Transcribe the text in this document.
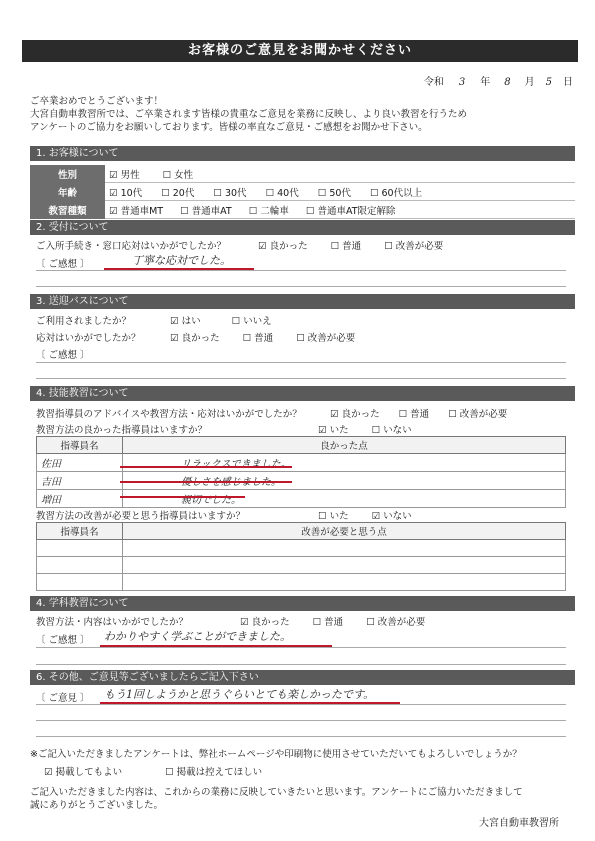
お客様のご意見をお聞かせください
令和 3 年 8 月 5 日
ご卒業おめでとうございます！
大宮自動車教習所では、ご卒業されます皆様の貴重なご意見を業務に反映し、より良い教習を行うため
アンケートのご協力をお願いしております。皆様の率直なご意見・ご感想をお聞かせ下さい。
1. お客様について
性別	☑ 男性 ☐ 女性
年齢	☑ 10代 ☐ 20代 ☐ 30代 ☐ 40代 ☐ 50代 ☐ 60代以上
教習種類	☑ 普通車MT ☐ 普通車AT ☐ 二輪車 ☐ 普通車AT限定解除
2. 受付について
ご入所手続き・窓口応対はいかがでしたか？	☑ 良かった ☐ 普通 ☐ 改善が必要
〔 ご感想 〕	丁寧な応対でした。
3. 送迎バスについて
ご利用されましたか？	☑ はい	☐ いいえ
応対はいかがでしたか？	☑ 良かった ☐ 普通 ☐ 改善が必要
〔 ご感想 〕
4. 技能教習について
教習指導員のアドバイスや教習方法・応対はいかがでしたか？	☑ 良かった ☐ 普通 ☐ 改善が必要
教習方法の良かった指導員はいますか？	☑ いた ☐ いない
指導員名	良かった点
佐田	リラックスできました。
吉田	優しさを感じました。
増田	親切でした。
教習方法の改善が必要と思う指導員はいますか？	☐ いた ☑ いない
指導員名	改善が必要と思う点

4. 学科教習について
教習方法・内容はいかがでしたか？	☑ 良かった ☐ 普通 ☐ 改善が必要
〔 ご感想 〕 わかりやすく学ぶことができました。
6. その他、ご意見等ございましたらご記入下さい
〔 ご意見 〕 もう1回しようかと思うぐらいとても楽しかったです。
※ご記入いただきましたアンケートは、弊社ホームページや印刷物に使用させていただいてもよろしいでしょうか？
☑ 掲載してもよい	☐ 掲載は控えてほしい
ご記入いただきました内容は、これからの業務に反映していきたいと思います。アンケートにご協力いただきまして
誠にありがとうございました。
大宮自動車教習所
